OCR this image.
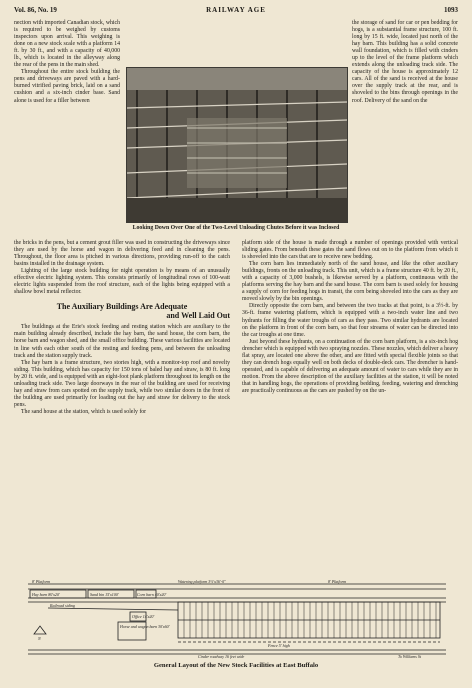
Vol. 86, No. 19	RAILWAY AGE	1093

nection with imported Canadian stock, which is required to be weighed by customs inspectors upon arrival. This weighing is done on a new stock scale with a platform 14 ft. by 30 ft., and with a capacity of 40,000 lb., which is located in the alleyway along the rear of the pens in the main shed.

Throughout the entire stock building the pens and driveways are paved with a hard-burned vitrified paving brick, laid on a sand cushion and a six-inch cinder base. Sand alone is used for a filler between

Looking Down Over One of the Two-Level Unloading Chutes Before it was Inclosed

the storage of sand for car or pen bedding for hogs, is a substantial frame structure, 100 ft. long by 15 ft. wide, located just north of the hay barn. This building has a solid concrete wall foundation, which is filled with cinders up to the level of the frame platform which extends along the unloading track side. The capacity of the house is approximately 12 cars. All of the sand is received at the house over the supply track at the rear, and is shoveled to the bins through openings in the roof. Delivery of the sand on the

the bricks in the pens, but a cement grout filler was used in constructing the driveways since they are used by the horse and wagon in delivering feed and in cleaning the pens. Throughout, the floor area is pitched in various directions, providing run-off to the catch basins installed in the drainage system.

Lighting of the large stock building for night operation is by means of an unusually effective electric lighting system. This consists primarily of longitudinal rows of 100-watt electric lights suspended from the roof structure, each of the lights being equipped with a shallow bowl metal reflector.

The Auxiliary Buildings Are Adequate
and Well Laid Out

The buildings at the Erie's stock feeding and resting station which are auxiliary to the main building already described, include the hay barn, the sand house, the corn barn, the horse barn and wagon shed, and the small office building. These various facilities are located in line with each other south of the resting and feeding pens, and between the unloading track and the station supply track.

The hay barn is a frame structure, two stories high, with a monitor-top roof and novelty siding. This building, which has capacity for 150 tons of baled hay and straw, is 80 ft. long by 20 ft. wide, and is equipped with an eight-foot plank platform throughout its length on the unloading track side. Two large doorways in the rear of the building are used for receiving hay and straw from cars spotted on the supply track, while two similar doors in the front of the building are used primarily for loading out the hay and straw for delivery to the stock pens.

The sand house at the station, which is used solely for

platform side of the house is made through a number of openings provided with vertical sliding gates. From beneath these gates the sand flows out on to the platform from which it is shoveled into the cars that are to receive new bedding.

The corn barn lies immediately north of the sand house, and like the other auxiliary buildings, fronts on the unloading track. This unit, which is a frame structure 40 ft. by 20 ft., with a capacity of 3,000 bushels, is likewise served by a platform, continuous with the platforms serving the hay barn and the sand house. The corn barn is used solely for housing a supply of corn for feeding hogs in transit, the corn being shoveled into the cars as they are moved slowly by the bin openings.

Directly opposite the corn barn, and between the two tracks at that point, is a 3½-ft. by 36-ft. frame watering platform, which is equipped with a two-inch water line and two hydrants for filling the water troughs of cars as they pass. Two similar hydrants are located on the platform in front of the corn barn, so that four streams of water can be directed into the car troughs at one time.

Just beyond these hydrants, on a continuation of the corn barn platform, is a six-inch hog drencher which is equipped with two spraying nozzles. These nozzles, which deliver a heavy flat spray, are located one above the other, and are fitted with special flexible joints so that they can drench hogs equally well on both decks of double-deck cars. The drencher is hand-operated, and is capable of delivering an adequate amount of water to cars while they are in motion. From the above description of the auxiliary facilities at the station, it will be noted that in handling hogs, the operations of providing bedding, feeding, watering and drenching are practically continuous as the cars are pushed by on the un-

8' Platform	Watering platform 3½'x36'-0"	8' Platform
Hay barn 80'x20'	Sand bin 15'x100'	Corn barn 40'x20'
Railroad siding
Office 14'x20'
Horse and wagon barn 30'x60'
Fence 5' high
Cinder roadway 16 feet wide	To Williams St
N
General Layout of the New Stock Facilities at East Buffalo
